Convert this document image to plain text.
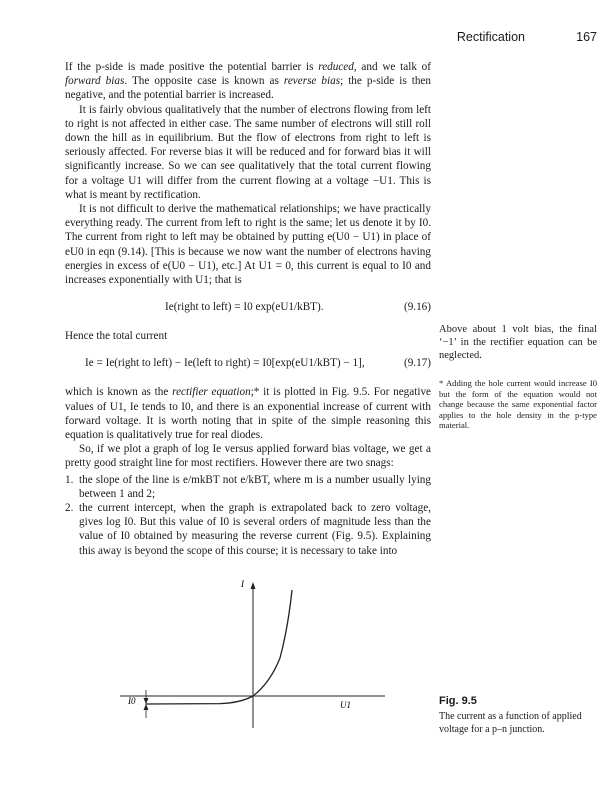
Rectification	167

If the p-side is made positive the potential barrier is reduced, and we talk of forward bias. The opposite case is known as reverse bias; the p-side is then negative, and the potential barrier is increased.

It is fairly obvious qualitatively that the number of electrons flowing from left to right is not affected in either case. The same number of electrons will still roll down the hill as in equilibrium. But the flow of electrons from right to left is seriously affected. For reverse bias it will be reduced and for forward bias it will significantly increase. So we can see qualitatively that the total current flowing for a voltage U1 will differ from the current flowing at a voltage −U1. This is what is meant by rectification.

It is not difficult to derive the mathematical relationships; we have practically everything ready. The current from left to right is the same; let us denote it by I0. The current from right to left may be obtained by putting e(U0 − U1) in place of eU0 in eqn (9.14). [This is because we now want the number of electrons having energies in excess of e(U0 − U1), etc.] At U1 = 0, this current is equal to I0 and increases exponentially with U1; that is

Ie(right to left) = I0 exp(eU1/kBT).	(9.16)

Hence the total current

Ie = Ie(right to left) − Ie(left to right) = I0[exp(eU1/kBT) − 1],	(9.17)

which is known as the rectifier equation;* it is plotted in Fig. 9.5. For negative values of U1, Ie tends to I0, and there is an exponential increase of current with forward voltage. It is worth noting that in spite of the simple reasoning this equation is qualitatively true for real diodes.

So, if we plot a graph of log Ie versus applied forward bias voltage, we get a pretty good straight line for most rectifiers. However there are two snags:

1. the slope of the line is e/mkBT not e/kBT, where m is a number usually lying between 1 and 2;
2. the current intercept, when the graph is extrapolated back to zero voltage, gives log I0. But this value of I0 is several orders of magnitude less than the value of I0 obtained by measuring the reverse current (Fig. 9.5). Explaining this away is beyond the scope of this course; it is necessary to take into
Above about 1 volt bias, the final ‘−1’ in the rectifier equation can be neglected.
* Adding the hole current would increase I0 but the form of the equation would not change because the same exponential factor applies to the hole density in the p-type material.
I
U1
I0	Fig. 9.5
The current as a function of applied voltage for a p–n junction.
